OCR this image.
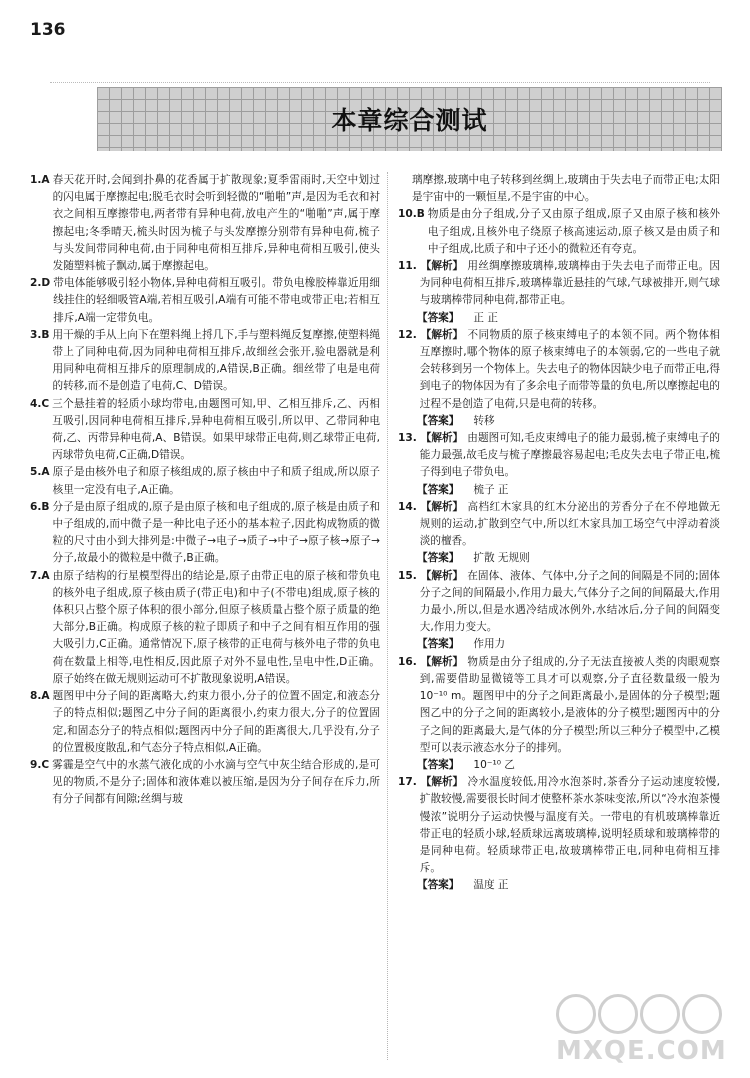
136
本章综合测试
1.A 春天花开时,会闻到扑鼻的花香属于扩散现象;夏季雷雨时,天空中划过的闪电属于摩擦起电;脱毛衣时会听到轻微的“啪啪”声,是因为毛衣和衬衣之间相互摩擦带电,两者带有异种电荷,放电产生的“啪啪”声,属于摩擦起电;冬季晴天,梳头时因为梳子与头发摩擦分别带有异种电荷,梳子与头发间带同种电荷,由于同种电荷相互排斥,异种电荷相互吸引,使头发随塑料梳子飘动,属于摩擦起电。
2.D 带电体能够吸引轻小物体,异种电荷相互吸引。带负电橡胶棒靠近用细线挂住的轻细吸管A端,若相互吸引,A端有可能不带电或带正电;若相互排斥,A端一定带负电。
3.B 用干燥的手从上向下在塑料绳上捋几下,手与塑料绳反复摩擦,使塑料绳带上了同种电荷,因为同种电荷相互排斥,故细丝会张开,验电器就是利用同种电荷相互排斥的原理制成的,A错误,B正确。细丝带了电是电荷的转移,而不是创造了电荷,C、D错误。
4.C 三个悬挂着的轻质小球均带电,由题图可知,甲、乙相互排斥,乙、丙相互吸引,因同种电荷相互排斥,异种电荷相互吸引,所以甲、乙带同种电荷,乙、丙带异种电荷,A、B错误。如果甲球带正电荷,则乙球带正电荷,丙球带负电荷,C正确,D错误。
5.A 原子是由核外电子和原子核组成的,原子核由中子和质子组成,所以原子核里一定没有电子,A正确。
6.B 分子是由原子组成的,原子是由原子核和电子组成的,原子核是由质子和中子组成的,而中微子是一种比电子还小的基本粒子,因此构成物质的微粒的尺寸由小到大排列是:中微子→电子→质子→中子→原子核→原子→分子,故最小的微粒是中微子,B正确。
7.A 由原子结构的行星模型得出的结论是,原子由带正电的原子核和带负电的核外电子组成,原子核由质子(带正电)和中子(不带电)组成,原子核的体积只占整个原子体积的很小部分,但原子核质量占整个原子质量的绝大部分,B正确。构成原子核的粒子即质子和中子之间有相互作用的强大吸引力,C正确。通常情况下,原子核带的正电荷与核外电子带的负电荷在数量上相等,电性相反,因此原子对外不显电性,呈电中性,D正确。原子始终在做无规则运动可不扩散现象说明,A错误。
8.A 题图甲中分子间的距离略大,约束力很小,分子的位置不固定,和液态分子的特点相似;题图乙中分子间的距离很小,约束力很大,分子的位置固定,和固态分子的特点相似;题图丙中分子间的距离很大,几乎没有,分子的位置极度散乱,和气态分子特点相似,A正确。
9.C 雾霾是空气中的水蒸气液化成的小水滴与空气中灰尘结合形成的,是可见的物质,不是分子;固体和液体难以被压缩,是因为分子间存在斥力,所有分子间都有间隙;丝绸与玻
璃摩擦,玻璃中电子转移到丝绸上,玻璃由于失去电子而带正电;太阳是宇宙中的一颗恒星,不是宇宙的中心。
10.B 物质是由分子组成,分子又由原子组成,原子又由原子核和核外电子组成,且核外电子绕原子核高速运动,原子核又是由质子和中子组成,比质子和中子还小的微粒还有夸克。
11. 【解析】 用丝绸摩擦玻璃棒,玻璃棒由于失去电子而带正电。因为同种电荷相互排斥,玻璃棒靠近悬挂的气球,气球被排开,则气球与玻璃棒带同种电荷,都带正电。
【答案】 正 正
12. 【解析】 不同物质的原子核束缚电子的本领不同。两个物体相互摩擦时,哪个物体的原子核束缚电子的本领弱,它的一些电子就会转移到另一个物体上。失去电子的物体因缺少电子而带正电,得到电子的物体因为有了多余电子而带等量的负电,所以摩擦起电的过程不是创造了电荷,只是电荷的转移。
【答案】 转移
13. 【解析】 由题图可知,毛皮束缚电子的能力最弱,梳子束缚电子的能力最强,故毛皮与梳子摩擦最容易起电;毛皮失去电子带正电,梳子得到电子带负电。
【答案】 梳子 正
14. 【解析】 高档红木家具的红木分泌出的芳香分子在不停地做无规则的运动,扩散到空气中,所以红木家具加工场空气中浮动着淡淡的檀香。
【答案】 扩散 无规则
15. 【解析】 在固体、液体、气体中,分子之间的间隔是不同的;固体分子之间的间隔最小,作用力最大,气体分子之间的间隔最大,作用力最小,所以,但是水遇冷结成冰例外,水结冰后,分子间的间隔变大,作用力变大。
【答案】 作用力
16. 【解析】 物质是由分子组成的,分子无法直接被人类的肉眼观察到,需要借助显微镜等工具才可以观察,分子直径数量级一般为10⁻¹⁰ m。题图甲中的分子之间距离最小,是固体的分子模型;题图乙中的分子之间的距离较小,是液体的分子模型;题图丙中的分子之间的距离最大,是气体的分子模型;所以三种分子模型中,乙模型可以表示液态水分子的排列。
【答案】 10⁻¹⁰ 乙
17. 【解析】 冷水温度较低,用冷水泡茶时,茶香分子运动速度较慢,扩散较慢,需要很长时间才使整杯茶水茶味变浓,所以“冷水泡茶慢慢浓”说明分子运动快慢与温度有关。一带电的有机玻璃棒靠近带正电的轻质小球,轻质球远离玻璃棒,说明轻质球和玻璃棒带的是同种电荷。轻质球带正电,故玻璃棒带正电,同种电荷相互排斥。
【答案】 温度 正
MXQE.COM
